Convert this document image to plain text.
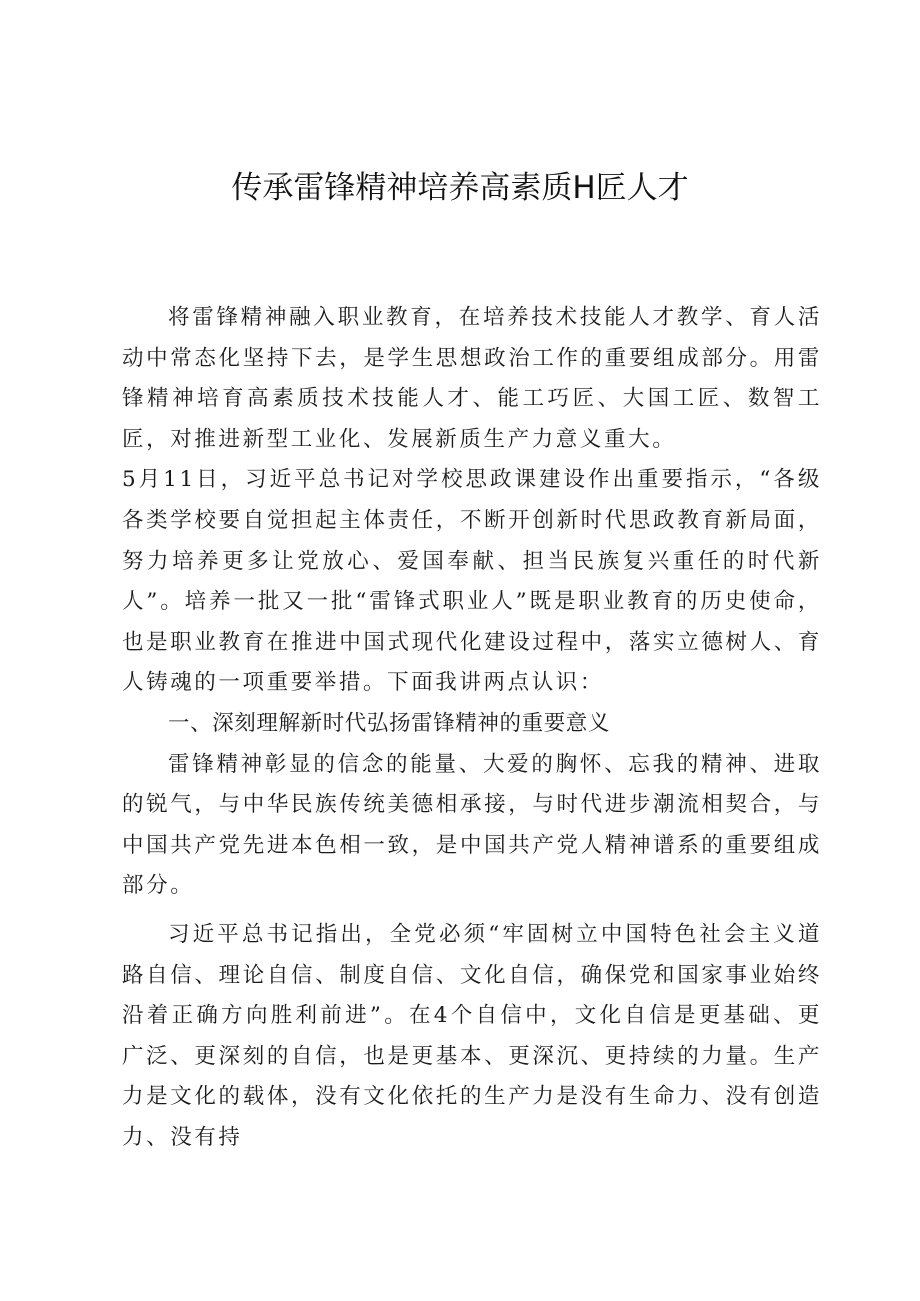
传承雷锋精神培养高素质H匠人才

将雷锋精神融入职业教育，在培养技术技能人才教学、育人活动中常态化坚持下去，是学生思想政治工作的重要组成部分。用雷锋精神培育高素质技术技能人才、能工巧匠、大国工匠、数智工匠，对推进新型工业化、发展新质生产力意义重大。

5月11日，习近平总书记对学校思政课建设作出重要指示，“各级各类学校要自觉担起主体责任，不断开创新时代思政教育新局面，努力培养更多让党放心、爱国奉献、担当民族复兴重任的时代新人”。培养一批又一批“雷锋式职业人”既是职业教育的历史使命，也是职业教育在推进中国式现代化建设过程中，落实立德树人、育人铸魂的一项重要举措。下面我讲两点认识：

一、深刻理解新时代弘扬雷锋精神的重要意义

雷锋精神彰显的信念的能量、大爱的胸怀、忘我的精神、进取的锐气，与中华民族传统美德相承接，与时代进步潮流相契合，与中国共产党先进本色相一致，是中国共产党人精神谱系的重要组成部分。

习近平总书记指出，全党必须“牢固树立中国特色社会主义道路自信、理论自信、制度自信、文化自信，确保党和国家事业始终沿着正确方向胜利前进”。在4个自信中，文化自信是更基础、更广泛、更深刻的自信，也是更基本、更深沉、更持续的力量。生产力是文化的载体，没有文化依托的生产力是没有生命力、没有创造力、没有持
